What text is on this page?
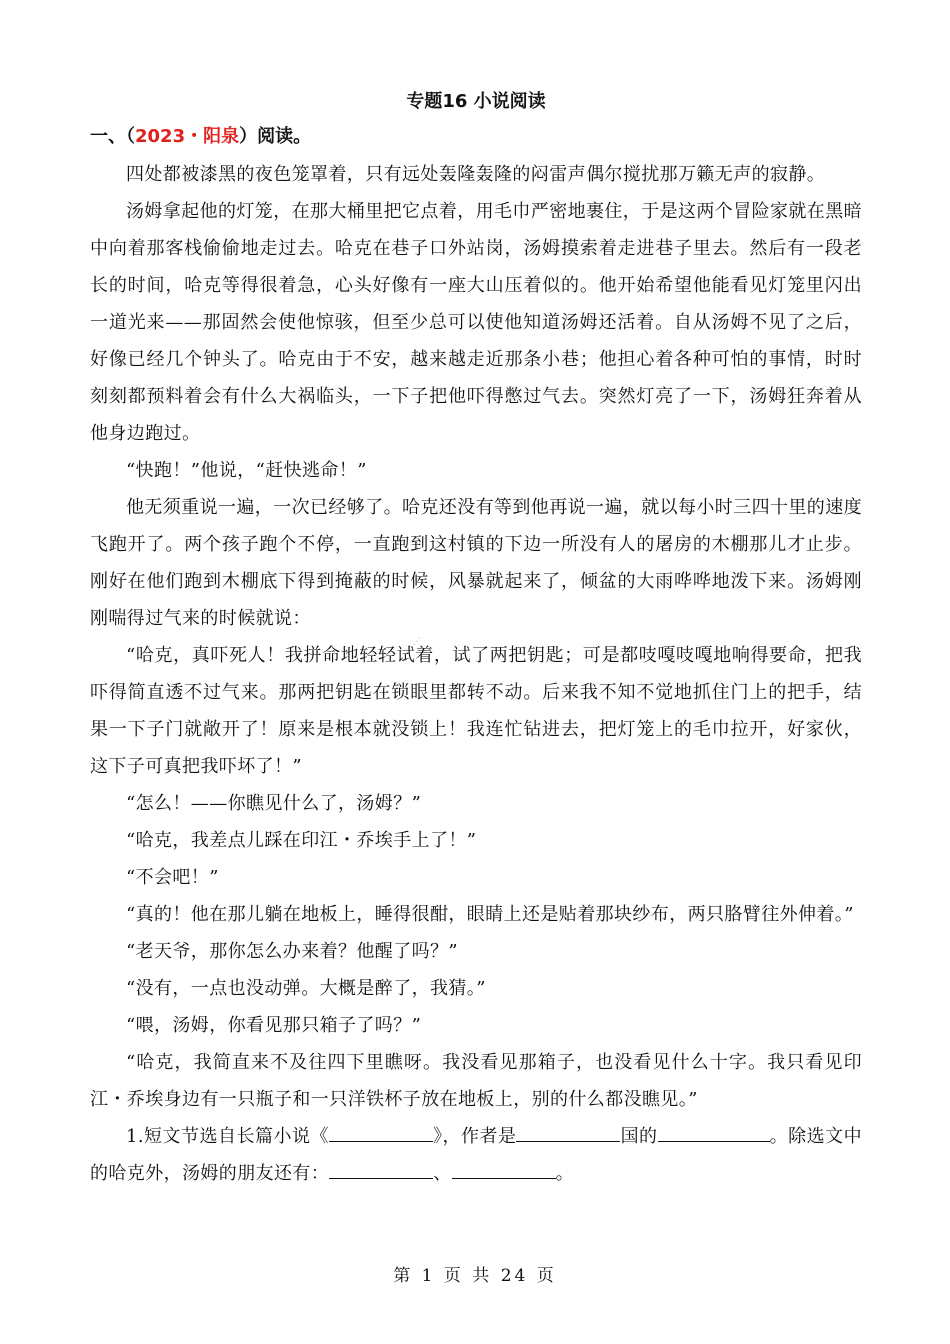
专题16 小说阅读

一、（2023・阳泉）阅读。

四处都被漆黑的夜色笼罩着，只有远处轰隆轰隆的闷雷声偶尔搅扰那万籁无声的寂静。

汤姆拿起他的灯笼，在那大桶里把它点着，用毛巾严密地裹住，于是这两个冒险家就在黑暗中向着那客栈偷偷地走过去。哈克在巷子口外站岗，汤姆摸索着走进巷子里去。然后有一段老长的时间，哈克等得很着急，心头好像有一座大山压着似的。他开始希望他能看见灯笼里闪出一道光来——那固然会使他惊骇，但至少总可以使他知道汤姆还活着。自从汤姆不见了之后，好像已经几个钟头了。哈克由于不安，越来越走近那条小巷；他担心着各种可怕的事情，时时刻刻都预料着会有什么大祸临头，一下子把他吓得憋过气去。突然灯亮了一下，汤姆狂奔着从他身边跑过。

“快跑！”他说，“赶快逃命！”

他无须重说一遍，一次已经够了。哈克还没有等到他再说一遍，就以每小时三四十里的速度飞跑开了。两个孩子跑个不停，一直跑到这村镇的下边一所没有人的屠房的木棚那儿才止步。刚好在他们跑到木棚底下得到掩蔽的时候，风暴就起来了，倾盆的大雨哗哗地泼下来。汤姆刚刚喘得过气来的时候就说：

“哈克，真吓死人！我拼命地轻轻试着，试了两把钥匙；可是都吱嘎吱嘎地响得要命，把我吓得简直透不过气来。那两把钥匙在锁眼里都转不动。后来我不知不觉地抓住门上的把手，结果一下子门就敞开了！原来是根本就没锁上！我连忙钻进去，把灯笼上的毛巾拉开，好家伙，这下子可真把我吓坏了！”

“怎么！——你瞧见什么了，汤姆？”

“哈克，我差点儿踩在印江・乔埃手上了！”

“不会吧！”

“真的！他在那儿躺在地板上，睡得很酣，眼睛上还是贴着那块纱布，两只胳臂往外伸着。”

“老天爷，那你怎么办来着？他醒了吗？”

“没有，一点也没动弹。大概是醉了，我猜。”

“喂，汤姆，你看见那只箱子了吗？”

“哈克，我简直来不及往四下里瞧呀。我没看见那箱子，也没看见什么十字。我只看见印江・乔埃身边有一只瓶子和一只洋铁杯子放在地板上，别的什么都没瞧见。”

1.短文节选自长篇小说《	》，作者是	国的	。除选文中的哈克外，汤姆的朋友还有：	、	。

...
第 1 页 共 24 页
